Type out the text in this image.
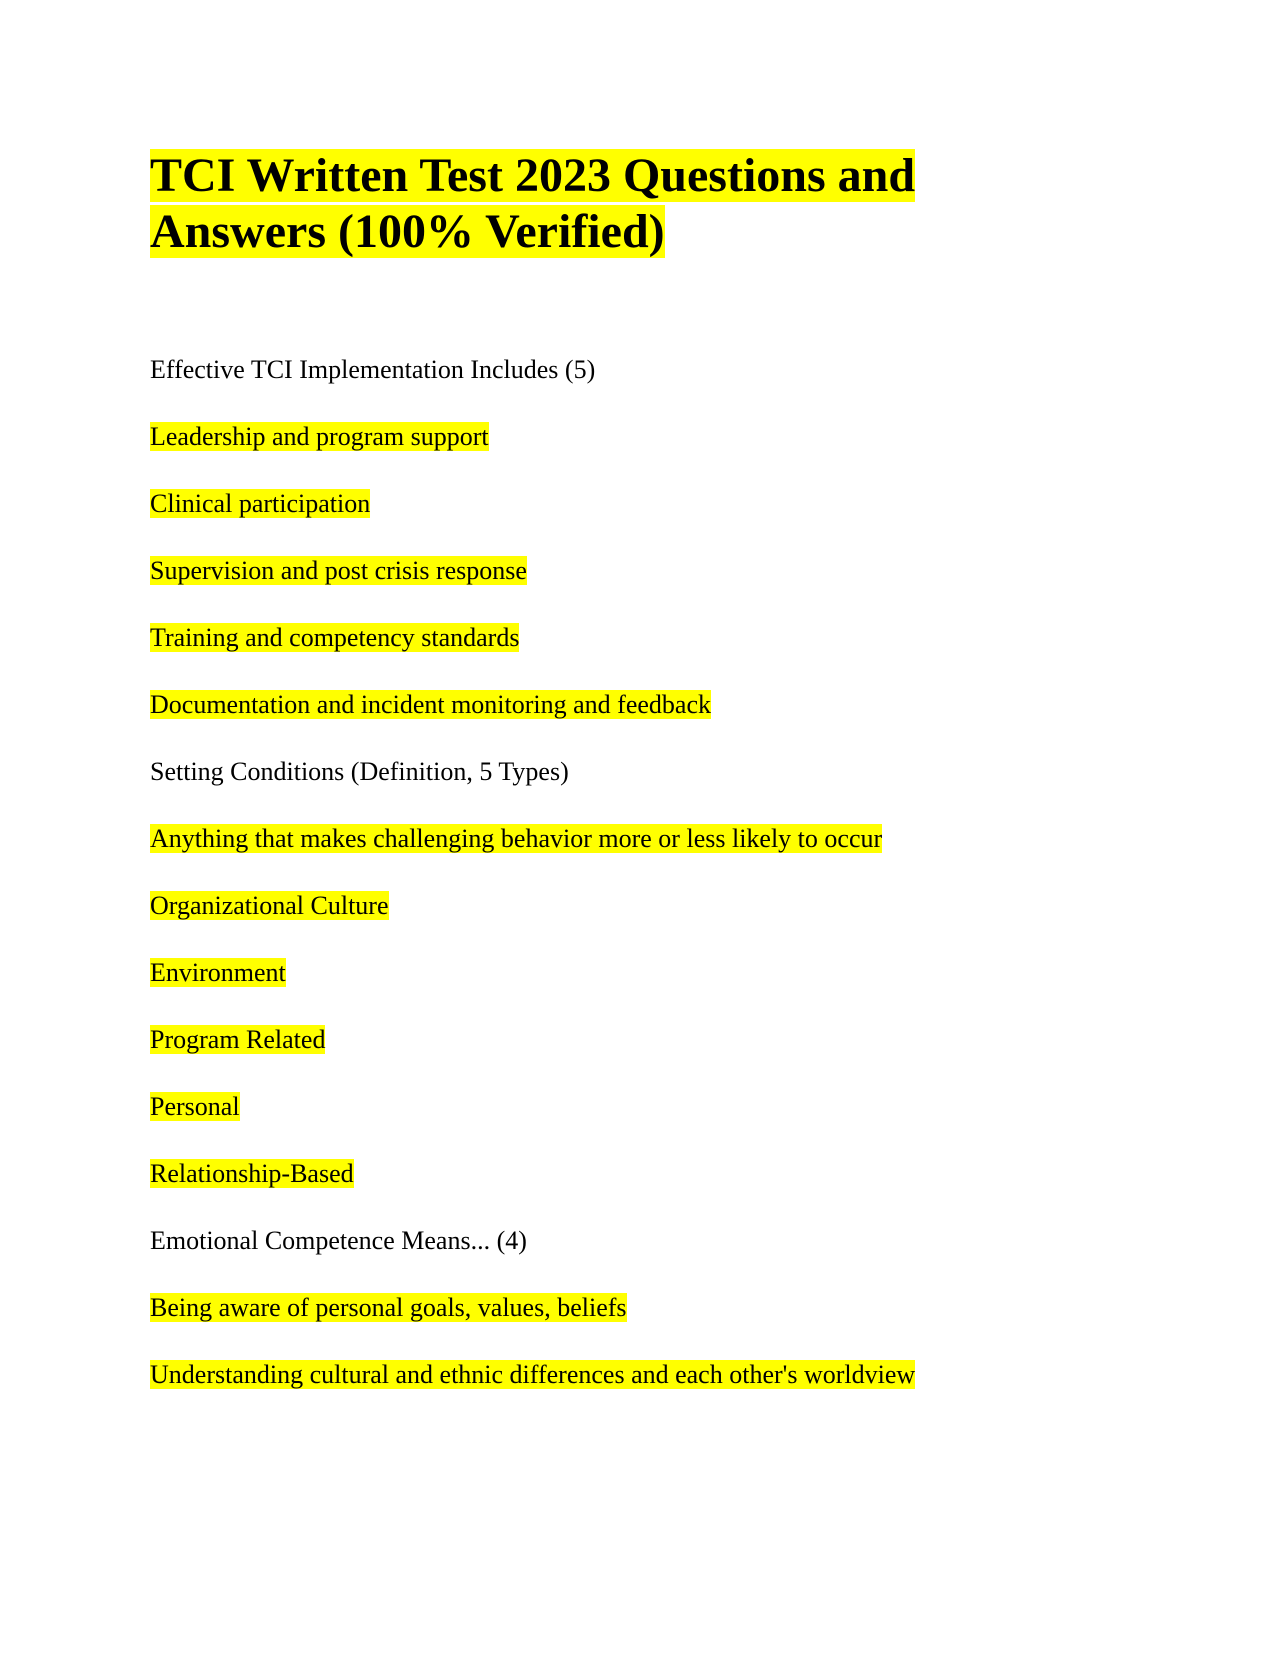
TCI Written Test 2023 Questions and
Answers (100% Verified)

Effective TCI Implementation Includes (5)

Leadership and program support

Clinical participation

Supervision and post crisis response

Training and competency standards

Documentation and incident monitoring and feedback

Setting Conditions (Definition, 5 Types)

Anything that makes challenging behavior more or less likely to occur

Organizational Culture

Environment

Program Related

Personal

Relationship-Based

Emotional Competence Means... (4)

Being aware of personal goals, values, beliefs

Understanding cultural and ethnic differences and each other's worldview
